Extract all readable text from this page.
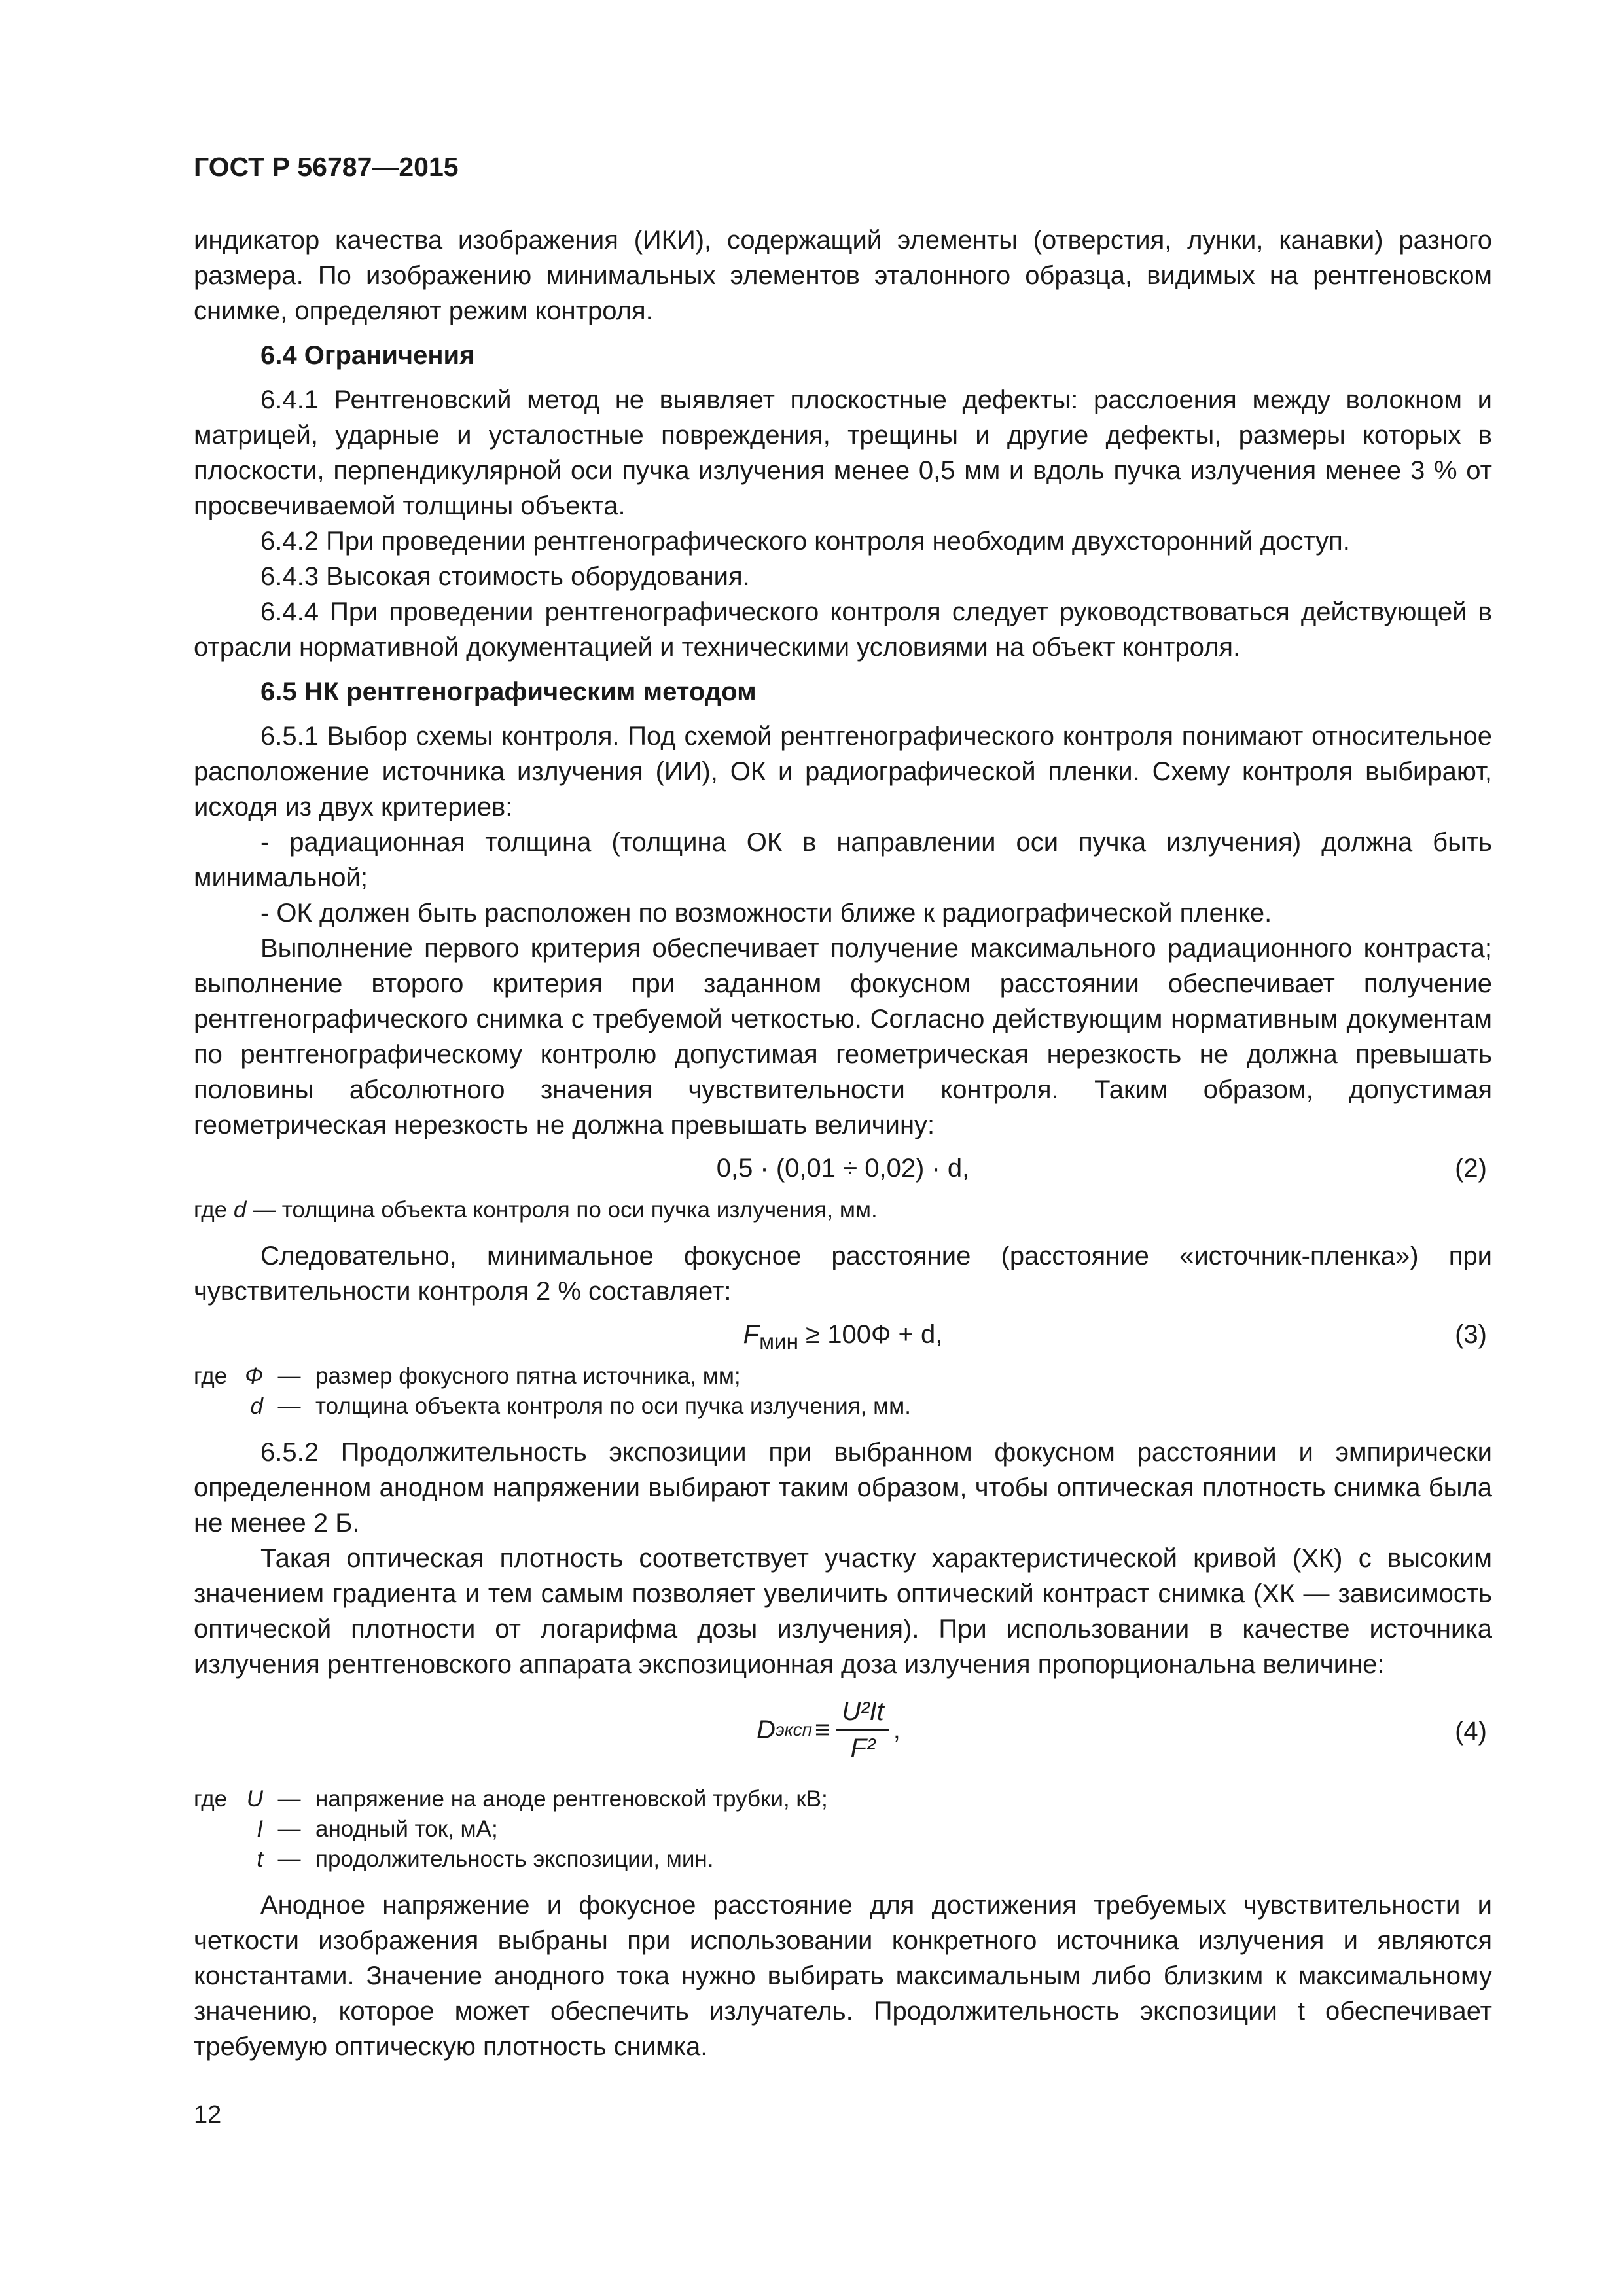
ГОСТ Р 56787—2015

индикатор качества изображения (ИКИ), содержащий элементы (отверстия, лунки, канавки) разного размера. По изображению минимальных элементов эталонного образца, видимых на рентгеновском снимке, определяют режим контроля.

6.4 Ограничения

6.4.1 Рентгеновский метод не выявляет плоскостные дефекты: расслоения между волокном и матрицей, ударные и усталостные повреждения, трещины и другие дефекты, размеры которых в плоскости, перпендикулярной оси пучка излучения менее 0,5 мм и вдоль пучка излучения менее 3 % от просвечиваемой толщины объекта.

6.4.2 При проведении рентгенографического контроля необходим двухсторонний доступ.

6.4.3 Высокая стоимость оборудования.

6.4.4 При проведении рентгенографического контроля следует руководствоваться действующей в отрасли нормативной документацией и техническими условиями на объект контроля.

6.5 НК рентгенографическим методом

6.5.1 Выбор схемы контроля. Под схемой рентгенографического контроля понимают относительное расположение источника излучения (ИИ), ОК и радиографической пленки. Схему контроля выбирают, исходя из двух критериев:

- радиационная толщина (толщина ОК в направлении оси пучка излучения) должна быть минимальной;

- ОК должен быть расположен по возможности ближе к радиографической пленке.

Выполнение первого критерия обеспечивает получение максимального радиационного контраста; выполнение второго критерия при заданном фокусном расстоянии обеспечивает получение рентгенографического снимка с требуемой четкостью. Согласно действующим нормативным документам по рентгенографическому контролю допустимая геометрическая нерезкость не должна превышать половины абсолютного значения чувствительности контроля. Таким образом, допустимая геометрическая нерезкость не должна превышать величину:

0,5 · (0,01 ÷ 0,02) · d,	(2)
где d — толщина объекта контроля по оси пучка излучения, мм.

Следовательно, минимальное фокусное расстояние (расстояние «источник-пленка») при чувствительности контроля 2 % составляет:

$F_{мин} \ge 100Ф + d$,	(3)
где Ф — размер фокусного пятна источника, мм;
d — толщина объекта контроля по оси пучка излучения, мм.

6.5.2 Продолжительность экспозиции при выбранном фокусном расстоянии и эмпирически определенном анодном напряжении выбирают таким образом, чтобы оптическая плотность снимка была не менее 2 Б.

Такая оптическая плотность соответствует участку характеристической кривой (ХК) с высоким значением градиента и тем самым позволяет увеличить оптический контраст снимка (ХК — зависимость оптической плотности от логарифма дозы излучения). При использовании в качестве источника излучения рентгеновского аппарата экспозиционная доза излучения пропорциональна величине:

D эксп ≡ $\frac{\text{U²It}}{\text{F²}}$ ,	(4)
где U — напряжение на аноде рентгеновской трубки, кВ;
I — анодный ток, мА;
t — продолжительность экспозиции, мин.

Анодное напряжение и фокусное расстояние для достижения требуемых чувствительности и четкости изображения выбраны при использовании конкретного источника излучения и являются константами. Значение анодного тока нужно выбирать максимальным либо близким к максимальному значению, которое может обеспечить излучатель. Продолжительность экспозиции t обеспечивает требуемую оптическую плотность снимка.

12
